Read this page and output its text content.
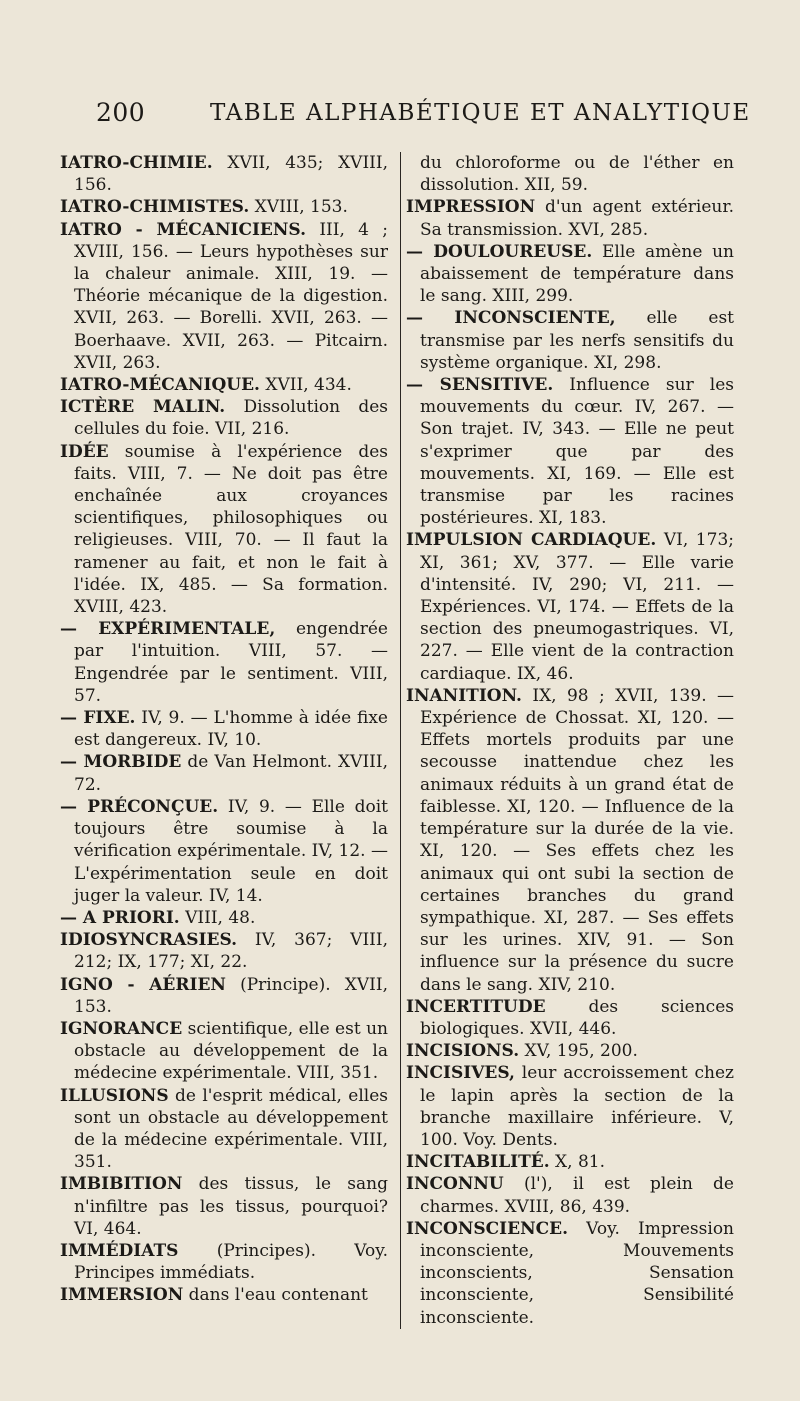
200	TABLE ALPHABÉTIQUE ET ANALYTIQUE

IATRO-CHIMIE. XVII, 435; XVIII, 156.

IATRO-CHIMISTES. XVIII, 153.

IATRO - MÉCANICIENS. III, 4 ; XVIII, 156. — Leurs hypothèses sur la chaleur animale. XIII, 19. — Théorie mécanique de la digestion. XVII, 263. — Borelli. XVII, 263. — Boerhaave. XVII, 263. — Pitcairn. XVII, 263.

IATRO-MÉCANIQUE. XVII, 434.

ICTÈRE MALIN. Dissolution des cellules du foie. VII, 216.

IDÉE soumise à l'expérience des faits. VIII, 7. — Ne doit pas être enchaînée aux croyances scientifiques, philosophiques ou religieuses. VIII, 70. — Il faut la ramener au fait, et non le fait à l'idée. IX, 485. — Sa formation. XVIII, 423.

— EXPÉRIMENTALE, engendrée par l'intuition. VIII, 57. — Engendrée par le sentiment. VIII, 57.

— FIXE. IV, 9. — L'homme à idée fixe est dangereux. IV, 10.

— MORBIDE de Van Helmont. XVIII, 72.

— PRÉCONÇUE. IV, 9. — Elle doit toujours être soumise à la vérification expérimentale. IV, 12. — L'expérimentation seule en doit juger la valeur. IV, 14.

— A PRIORI. VIII, 48.

IDIOSYNCRASIES. IV, 367; VIII, 212; IX, 177; XI, 22.

IGNO - AÉRIEN (Principe). XVII, 153.

IGNORANCE scientifique, elle est un obstacle au développement de la médecine expérimentale. VIII, 351.

ILLUSIONS de l'esprit médical, elles sont un obstacle au développement de la médecine expérimentale. VIII, 351.

IMBIBITION des tissus, le sang n'infiltre pas les tissus, pourquoi? VI, 464.

IMMÉDIATS (Principes). Voy. Principes immédiats.

IMMERSION dans l'eau contenant

du chloroforme ou de l'éther en dissolution. XII, 59.

IMPRESSION d'un agent extérieur. Sa transmission. XVI, 285.

— DOULOUREUSE. Elle amène un abaissement de température dans le sang. XIII, 299.

— INCONSCIENTE, elle est transmise par les nerfs sensitifs du système organique. XI, 298.

— SENSITIVE. Influence sur les mouvements du cœur. IV, 267. — Son trajet. IV, 343. — Elle ne peut s'exprimer que par des mouvements. XI, 169. — Elle est transmise par les racines postérieures. XI, 183.

IMPULSION CARDIAQUE. VI, 173; XI, 361; XV, 377. — Elle varie d'intensité. IV, 290; VI, 211. — Expériences. VI, 174. — Effets de la section des pneumogastriques. VI, 227. — Elle vient de la contraction cardiaque. IX, 46.

INANITION. IX, 98 ; XVII, 139. — Expérience de Chossat. XI, 120. — Effets mortels produits par une secousse inattendue chez les animaux réduits à un grand état de faiblesse. XI, 120. — Influence de la température sur la durée de la vie. XI, 120. — Ses effets chez les animaux qui ont subi la section de certaines branches du grand sympathique. XI, 287. — Ses effets sur les urines. XIV, 91. — Son influence sur la présence du sucre dans le sang. XIV, 210.

INCERTITUDE des sciences biologiques. XVII, 446.

INCISIONS. XV, 195, 200.

INCISIVES, leur accroissement chez le lapin après la section de la branche maxillaire inférieure. V, 100. Voy. Dents.

INCITABILITÉ. X, 81.

INCONNU (l'), il est plein de charmes. XVIII, 86, 439.

INCONSCIENCE. Voy. Impression inconsciente, Mouvements inconscients, Sensation inconsciente, Sensibilité inconsciente.
